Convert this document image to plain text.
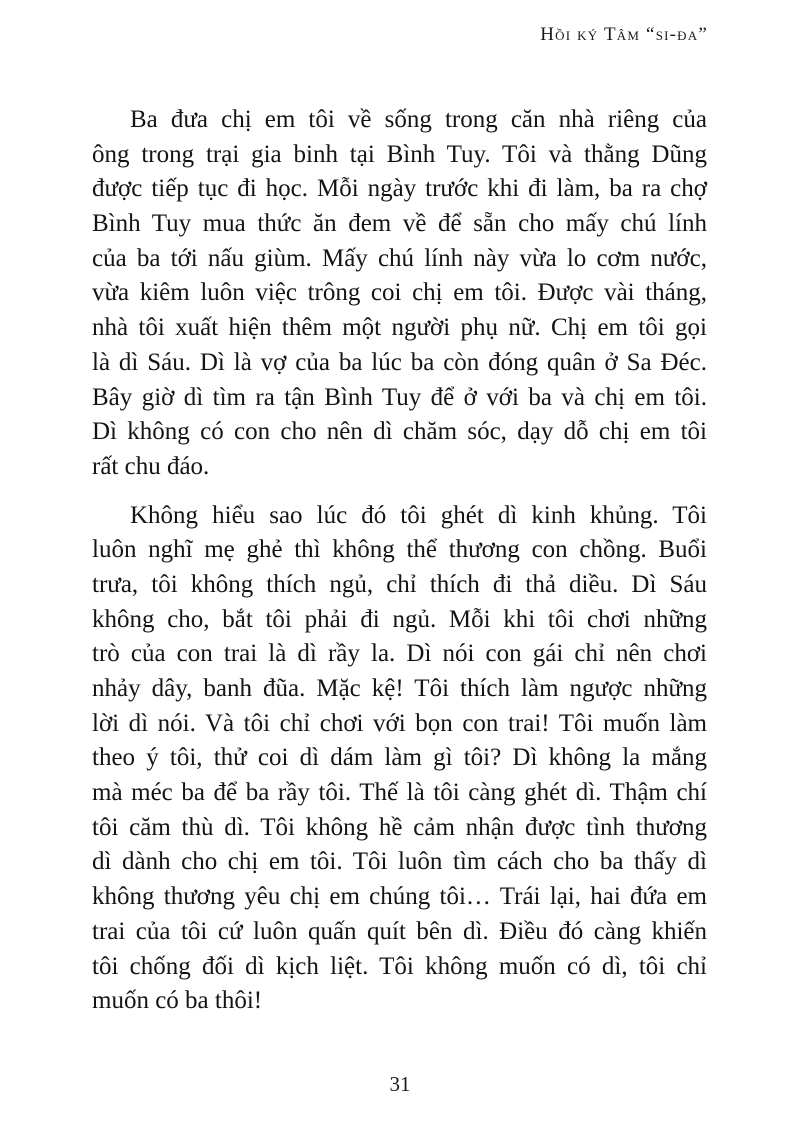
Hồi ký Tâm “si-đa”
Ba đưa chị em tôi về sống trong căn nhà riêng của
ông trong trại gia binh tại Bình Tuy. Tôi và thằng Dũng
được tiếp tục đi học. Mỗi ngày trước khi đi làm, ba ra chợ
Bình Tuy mua thức ăn đem về để sẵn cho mấy chú lính
của ba tới nấu giùm. Mấy chú lính này vừa lo cơm nước,
vừa kiêm luôn việc trông coi chị em tôi. Được vài tháng,
nhà tôi xuất hiện thêm một người phụ nữ. Chị em tôi gọi
là dì Sáu. Dì là vợ của ba lúc ba còn đóng quân ở Sa Đéc.
Bây giờ dì tìm ra tận Bình Tuy để ở với ba và chị em tôi.
Dì không có con cho nên dì chăm sóc, dạy dỗ chị em tôi
rất chu đáo.
Không hiểu sao lúc đó tôi ghét dì kinh khủng. Tôi
luôn nghĩ mẹ ghẻ thì không thể thương con chồng. Buổi
trưa, tôi không thích ngủ, chỉ thích đi thả diều. Dì Sáu
không cho, bắt tôi phải đi ngủ. Mỗi khi tôi chơi những
trò của con trai là dì rầy la. Dì nói con gái chỉ nên chơi
nhảy dây, banh đũa. Mặc kệ! Tôi thích làm ngược những
lời dì nói. Và tôi chỉ chơi với bọn con trai! Tôi muốn làm
theo ý tôi, thử coi dì dám làm gì tôi? Dì không la mắng
mà méc ba để ba rầy tôi. Thế là tôi càng ghét dì. Thậm chí
tôi căm thù dì. Tôi không hề cảm nhận được tình thương
dì dành cho chị em tôi. Tôi luôn tìm cách cho ba thấy dì
không thương yêu chị em chúng tôi… Trái lại, hai đứa em
trai của tôi cứ luôn quấn quít bên dì. Điều đó càng khiến
tôi chống đối dì kịch liệt. Tôi không muốn có dì, tôi chỉ
muốn có ba thôi!
31
